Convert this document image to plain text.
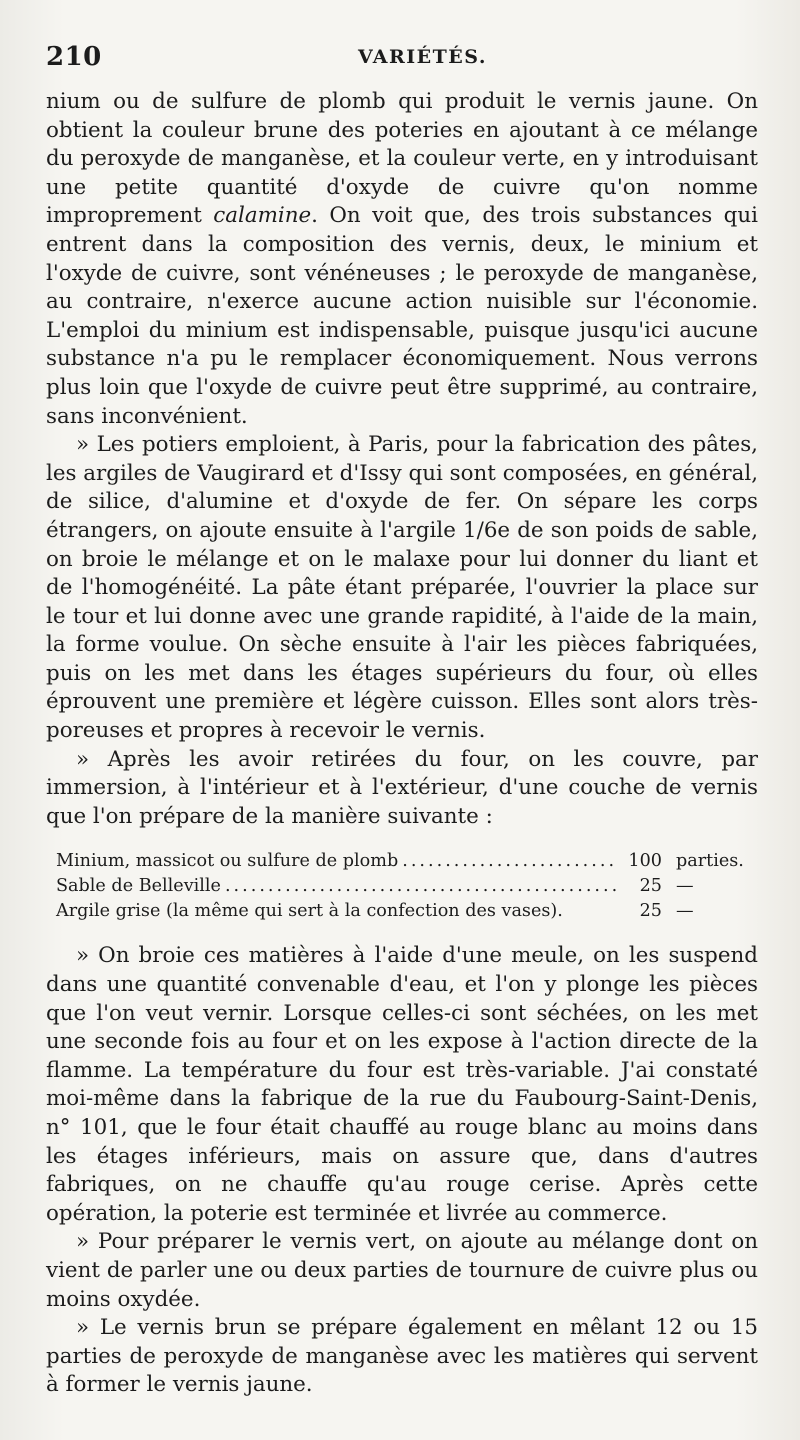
210	VARIÉTÉS.

nium ou de sulfure de plomb qui produit le vernis jaune. On obtient la couleur brune des poteries en ajoutant à ce mélange du peroxyde de manganèse, et la couleur verte, en y introduisant une petite quantité d'oxyde de cuivre qu'on nomme improprement calamine. On voit que, des trois substances qui entrent dans la composition des vernis, deux, le minium et l'oxyde de cuivre, sont vénéneuses ; le peroxyde de manganèse, au contraire, n'exerce aucune action nuisible sur l'économie. L'emploi du minium est indispensable, puisque jusqu'ici aucune substance n'a pu le remplacer économiquement. Nous verrons plus loin que l'oxyde de cuivre peut être supprimé, au contraire, sans inconvénient.

» Les potiers emploient, à Paris, pour la fabrication des pâtes, les argiles de Vaugirard et d'Issy qui sont composées, en général, de silice, d'alumine et d'oxyde de fer. On sépare les corps étrangers, on ajoute ensuite à l'argile 1/6e de son poids de sable, on broie le mélange et on le malaxe pour lui donner du liant et de l'homogénéité. La pâte étant préparée, l'ouvrier la place sur le tour et lui donne avec une grande rapidité, à l'aide de la main, la forme voulue. On sèche ensuite à l'air les pièces fabriquées, puis on les met dans les étages supérieurs du four, où elles éprouvent une première et légère cuisson. Elles sont alors très-poreuses et propres à recevoir le vernis.

» Après les avoir retirées du four, on les couvre, par immersion, à l'intérieur et à l'extérieur, d'une couche de vernis que l'on prépare de la manière suivante :

Minium, massicot ou sulfure de plomb .....	100 parties.
Sable de Belleville .....	25 —
Argile grise (la même qui sert à la confection des vases).	25 —

» On broie ces matières à l'aide d'une meule, on les suspend dans une quantité convenable d'eau, et l'on y plonge les pièces que l'on veut vernir. Lorsque celles-ci sont séchées, on les met une seconde fois au four et on les expose à l'action directe de la flamme. La température du four est très-variable. J'ai constaté moi-même dans la fabrique de la rue du Faubourg-Saint-Denis, n° 101, que le four était chauffé au rouge blanc au moins dans les étages inférieurs, mais on assure que, dans d'autres fabriques, on ne chauffe qu'au rouge cerise. Après cette opération, la poterie est terminée et livrée au commerce.

» Pour préparer le vernis vert, on ajoute au mélange dont on vient de parler une ou deux parties de tournure de cuivre plus ou moins oxydée.

» Le vernis brun se prépare également en mêlant 12 ou 15 parties de peroxyde de manganèse avec les matières qui servent à former le vernis jaune.
